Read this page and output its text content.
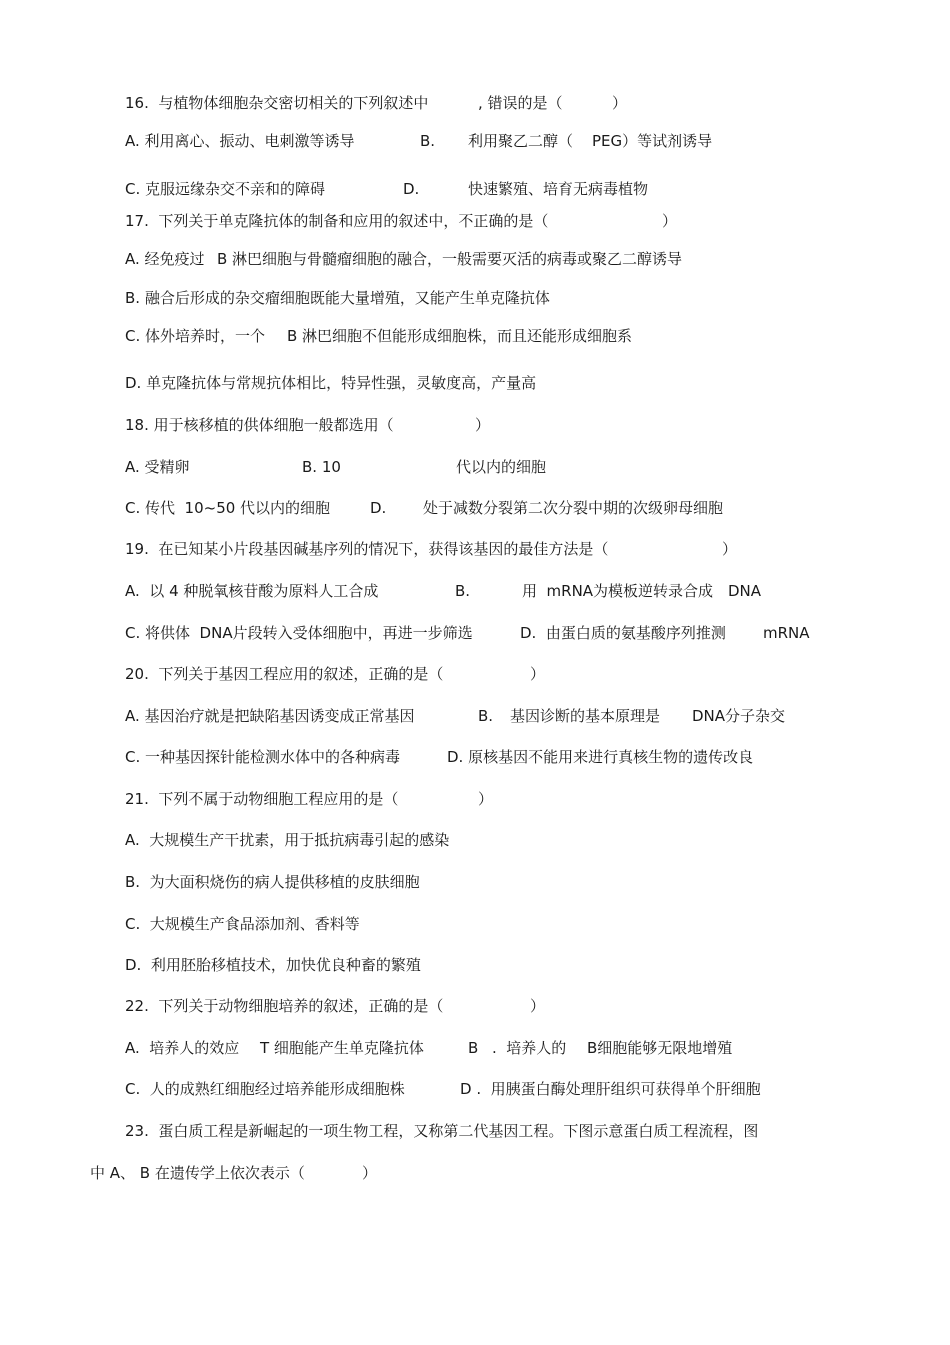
16.  与植物体细胞杂交密切相关的下列叙述中

	, 错误的是（

	）

A. 利用离心、振动、电刺激等诱导

	B.

利用聚乙二醇（

PEG）等试剂诱导

C. 克服远缘杂交不亲和的障碍

	D.

	快速繁殖、培育无病毒植物

17.  下列关于单克隆抗体的制备和应用的叙述中，不正确的是（

	）

A. 经免疫过

B 淋巴细胞与骨髓瘤细胞的融合，一般需要灭活的病毒或聚乙二醇诱导

B. 融合后形成的杂交瘤细胞既能大量增殖，又能产生单克隆抗体

C. 体外培养时，一个

B 淋巴细胞不但能形成细胞株，而且还能形成细胞系

D. 单克隆抗体与常规抗体相比，特异性强，灵敏度高，产量高

18. 用于核移植的供体细胞一般都选用（

	）

A. 受精卵

	B. 10

	代以内的细胞

C. 传代  10~50 代以内的细胞

	D.

处于减数分裂第二次分裂中期的次级卵母细胞

19.  在已知某小片段基因碱基序列的情况下，获得该基因的最佳方法是（

	）

A.  以 4 种脱氧核苷酸为原料人工合成

	B.

	用  mRNA为模板逆转录合成

DNA

C. 将供体  DNA片段转入受体细胞中，再进一步筛选

	D.  由蛋白质的氨基酸序列推测

mRNA

20.  下列关于基因工程应用的叙述，正确的是（

	）

A. 基因治疗就是把缺陷基因诱变成正常基因

	B.

基因诊断的基本原理是

DNA分子杂交

C. 一种基因探针能检测水体中的各种病毒

	D. 原核基因不能用来进行真核生物的遗传改良

21.  下列不属于动物细胞工程应用的是（

	）

A.  大规模生产干扰素，用于抵抗病毒引起的感染

B.  为大面积烧伤的病人提供移植的皮肤细胞

C.  大规模生产食品添加剂、香料等

D.  利用胚胎移植技术，加快优良种畜的繁殖

22.  下列关于动物细胞培养的叙述，正确的是（

	）

A.  培养人的效应

T 细胞能产生单克隆抗体

	B

.  培养人的

B细胞能够无限地增殖

C.  人的成熟红细胞经过培养能形成细胞株

	D .  用胰蛋白酶处理肝组织可获得单个肝细胞

23.  蛋白质工程是新崛起的一项生物工程，又称第二代基因工程。下图示意蛋白质工程流程，图

中 A、 B 在遗传学上依次表示（

	）
